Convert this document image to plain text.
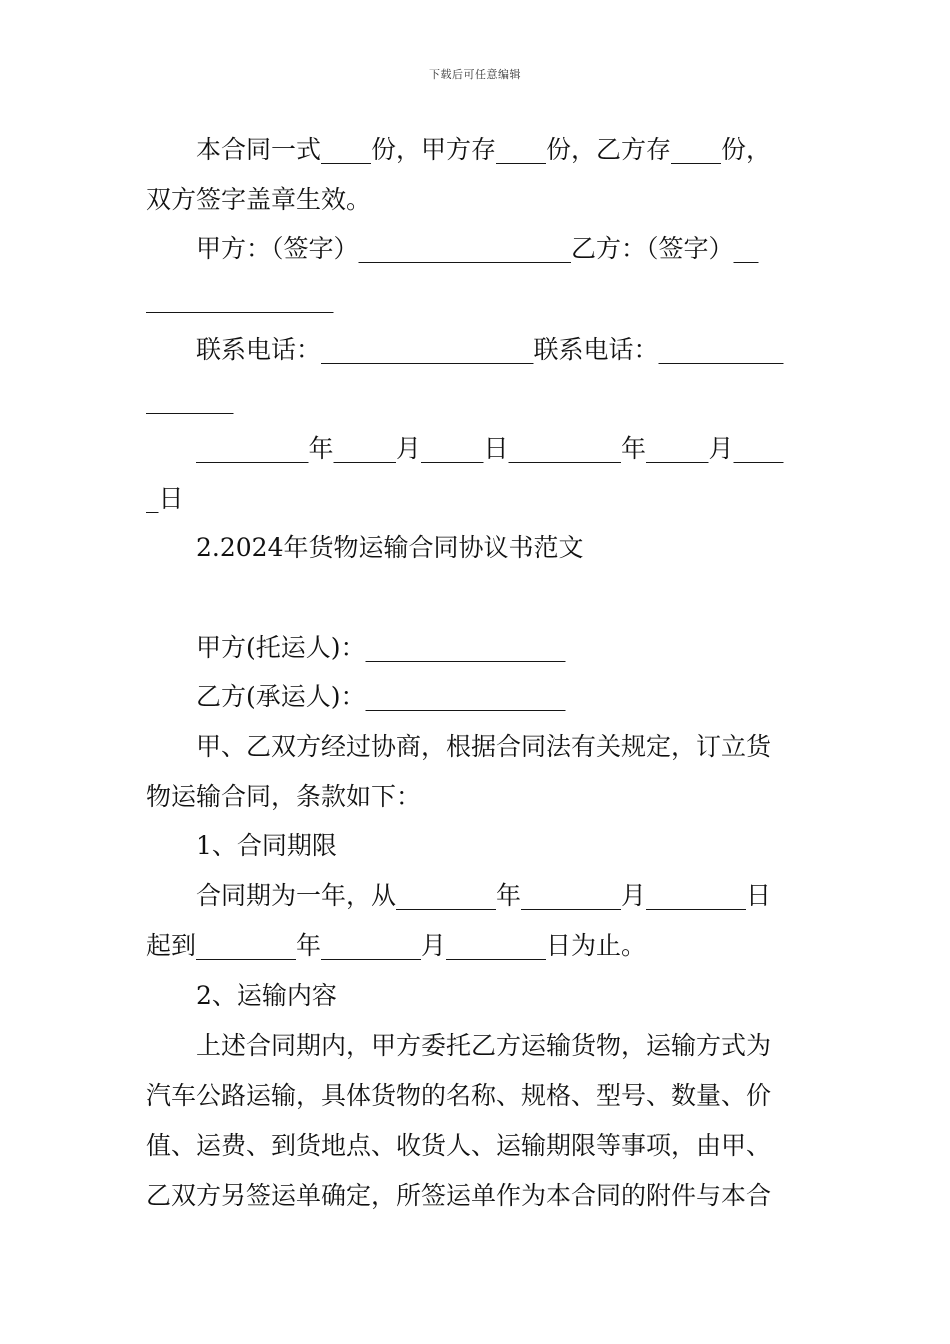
下载后可任意编辑
本合同一式____份，甲方存____份，乙方存____份，
双方签字盖章生效。
甲方：（签字）_________________乙方：（签字）__
_______________
联系电话：_________________联系电话：__________
_______
_________年_____月_____日_________年_____月____
_日
2.2024年货物运输合同协议书范文
甲方(托运人)：________________
乙方(承运人)：________________
甲、乙双方经过协商，根据合同法有关规定，订立货
物运输合同，条款如下：
1、合同期限
合同期为一年，从________年________月________日
起到________年________月________日为止。
2、运输内容
上述合同期内，甲方委托乙方运输货物，运输方式为
汽车公路运输，具体货物的名称、规格、型号、数量、价
值、运费、到货地点、收货人、运输期限等事项，由甲、
乙双方另签运单确定，所签运单作为本合同的附件与本合
